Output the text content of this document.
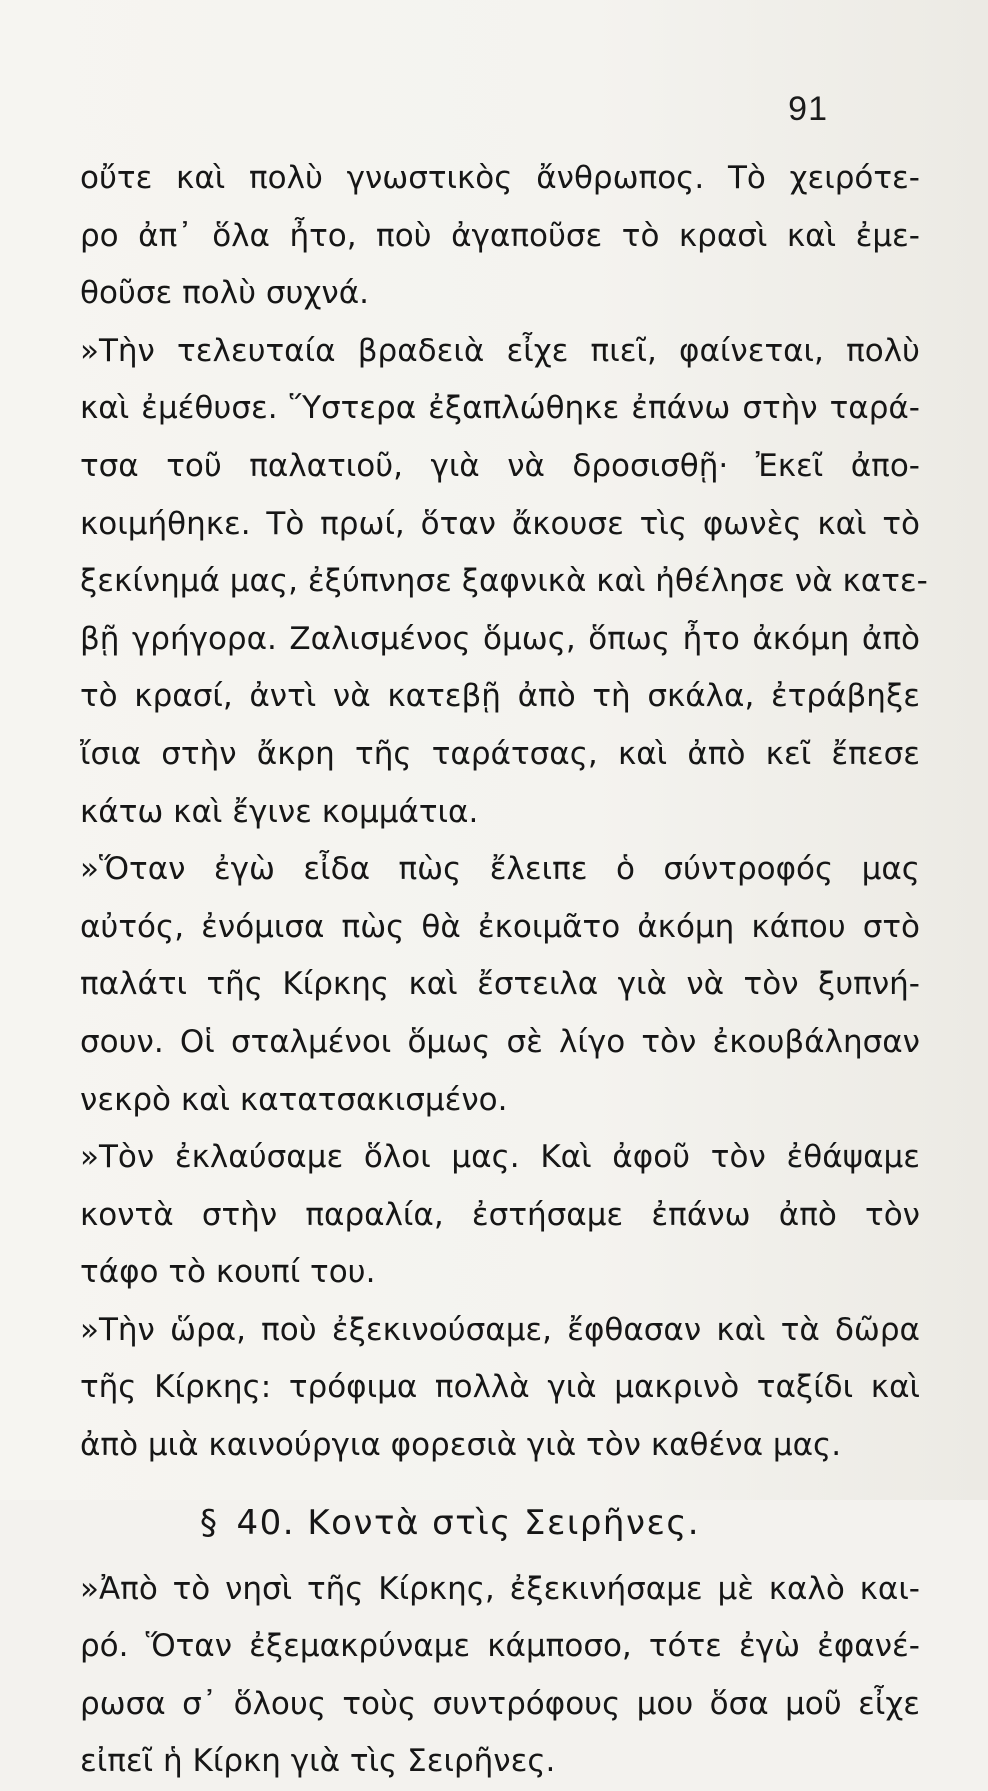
91
οὔτε καὶ πολὺ γνωστικὸς ἄνθρωπος. Τὸ χειρότε-
ρο ἀπ᾽ ὅλα ἦτο, ποὺ ἀγαποῦσε τὸ κρασὶ καὶ ἐμε-
θοῦσε πολὺ συχνά.
»Τὴν τελευταία βραδειὰ εἶχε πιεῖ, φαίνεται, πολὺ
καὶ ἐμέθυσε. Ὕστερα ἐξαπλώθηκε ἐπάνω στὴν ταρά-
τσα τοῦ παλατιοῦ, γιὰ νὰ δροσισθῇ· Ἐκεῖ ἀπο-
κοιμήθηκε. Τὸ πρωί, ὅταν ἄκουσε τὶς φωνὲς καὶ τὸ
ξεκίνημά μας, ἐξύπνησε ξαφνικὰ καὶ ἠθέλησε νὰ κατε-
βῇ γρήγορα. Ζαλισμένος ὅμως, ὅπως ἦτο ἀκόμη ἀπὸ
τὸ κρασί, ἀντὶ νὰ κατεβῇ ἀπὸ τὴ σκάλα, ἐτράβηξε
ἴσια στὴν ἄκρη τῆς ταράτσας, καὶ ἀπὸ κεῖ ἔπεσε
κάτω καὶ ἔγινε κομμάτια.
»Ὅταν ἐγὼ εἶδα πὼς ἔλειπε ὁ σύντροφός μας
αὐτός, ἐνόμισα πὼς θὰ ἐκοιμᾶτο ἀκόμη κάπου στὸ
παλάτι τῆς Κίρκης καὶ ἔστειλα γιὰ νὰ τὸν ξυπνή-
σουν. Οἱ σταλμένοι ὅμως σὲ λίγο τὸν ἐκουβάλησαν
νεκρὸ καὶ κατατσακισμένο.
»Τὸν ἐκλαύσαμε ὅλοι μας. Καὶ ἀφοῦ τὸν ἐθάψαμε
κοντὰ στὴν παραλία, ἐστήσαμε ἐπάνω ἀπὸ τὸν
τάφο τὸ κουπί του.
»Τὴν ὥρα, ποὺ ἐξεκινούσαμε, ἔφθασαν καὶ τὰ δῶρα
τῆς Κίρκης: τρόφιμα πολλὰ γιὰ μακρινὸ ταξίδι καὶ
ἀπὸ μιὰ καινούργια φορεσιὰ γιὰ τὸν καθένα μας.
§ 40. Κοντὰ στὶς Σειρῆνες.
»Ἀπὸ τὸ νησὶ τῆς Κίρκης, ἐξεκινήσαμε μὲ καλὸ και-
ρό. Ὅταν ἐξεμακρύναμε κάμποσο, τότε ἐγὼ ἐφανέ-
ρωσα σ᾽ ὅλους τοὺς συντρόφους μου ὅσα μοῦ εἶχε
εἰπεῖ ἡ Κίρκη γιὰ τὶς Σειρῆνες.
